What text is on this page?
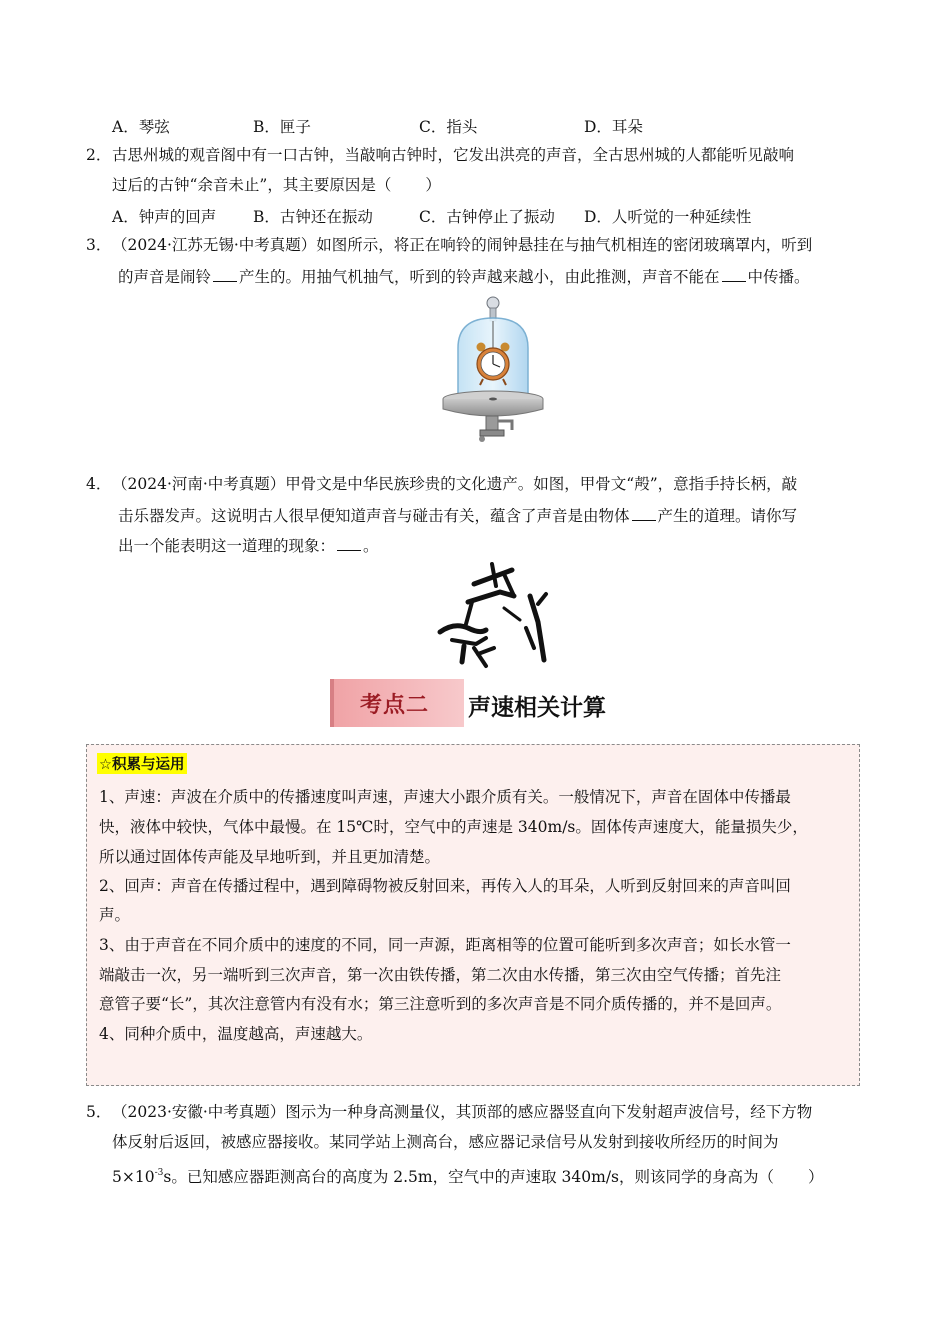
A．琴弦	B．匣子	C．指头	D．耳朵
2． 古思州城的观音阁中有一口古钟，当敲响古钟时，它发出洪亮的声音，全古思州城的人都能听见敲响
过后的古钟“余音未止”，其主要原因是（ ）
A．钟声的回声 B．古钟还在振动	C．古钟停止了振动 D．人听觉的一种延续性
3． （2024·江苏无锡·中考真题）如图所示，将正在响铃的闹钟悬挂在与抽气机相连的密闭玻璃罩内，听到
的声音是闹铃 产生的。用抽气机抽气，听到的铃声越来越小，由此推测，声音不能在 中传播。
4． （2024·河南·中考真题）甲骨文是中华民族珍贵的文化遗产。如图，甲骨文“殸”，意指手持长柄，敲
击乐器发声。这说明古人很早便知道声音与碰击有关，蕴含了声音是由物体 产生的道理。请你写
出一个能表明这一道理的现象： 。
考点二 声速相关计算
☆积累与运用
1、声速：声波在介质中的传播速度叫声速，声速大小跟介质有关。一般情况下，声音在固体中传播最
快，液体中较快，气体中最慢。在 15℃时，空气中的声速是 340m/s。固体传声速度大，能量损失少，
所以通过固体传声能及早地听到，并且更加清楚。
2、回声：声音在传播过程中，遇到障碍物被反射回来，再传入人的耳朵，人听到反射回来的声音叫回
声。
3、由于声音在不同介质中的速度的不同，同一声源，距离相等的位置可能听到多次声音；如长水管一
端敲击一次，另一端听到三次声音，第一次由铁传播，第二次由水传播，第三次由空气传播；首先注
意管子要“长”，其次注意管内有没有水；第三注意听到的多次声音是不同介质传播的，并不是回声。
4、同种介质中，温度越高，声速越大。
5． （2023·安徽·中考真题）图示为一种身高测量仪，其顶部的感应器竖直向下发射超声波信号，经下方物
体反射后返回，被感应器接收。某同学站上测高台，感应器记录信号从发射到接收所经历的时间为
$5\times 10^{-3}s$。已知感应器距测高台的高度为 2.5m，空气中的声速取 340m/s，则该同学的身高为（ ）
